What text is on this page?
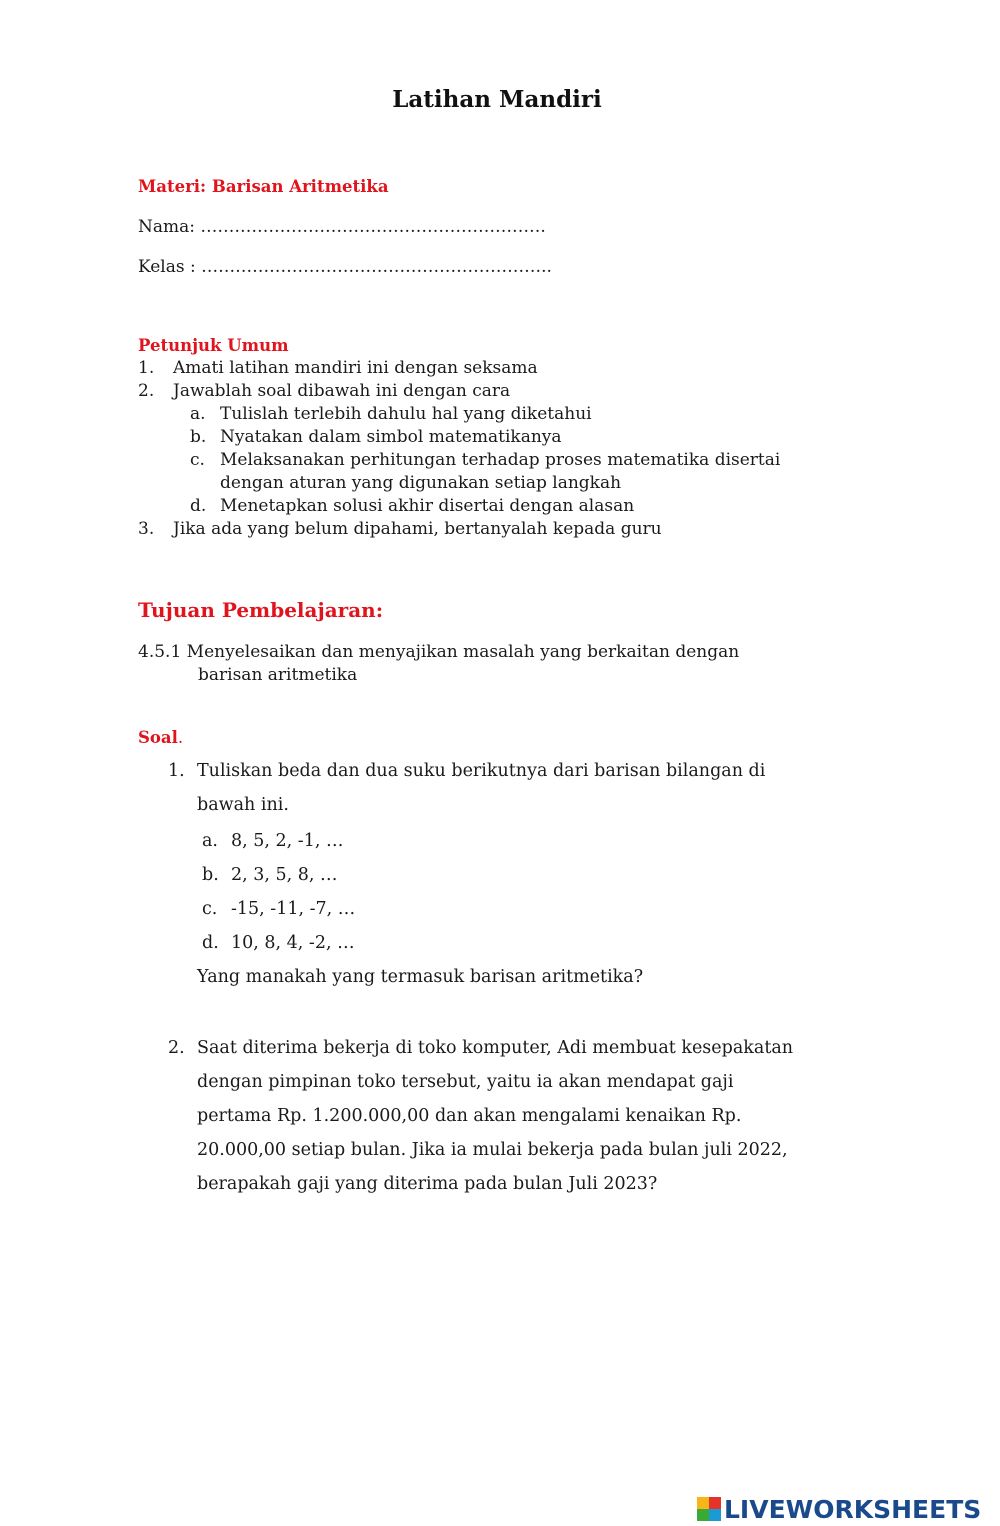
Latihan Mandiri
Materi: Barisan Aritmetika
Nama: …………………………………………………….
Kelas : ……………………………………………………..
Petunjuk Umum
1. Amati latihan mandiri ini dengan seksama
2. Jawablah soal dibawah ini dengan cara
a. Tulislah terlebih dahulu hal yang diketahui
b. Nyatakan dalam simbol matematikanya
c. Melaksanakan perhitungan terhadap proses matematika disertai
dengan aturan yang digunakan setiap langkah
d. Menetapkan solusi akhir disertai dengan alasan
3. Jika ada yang belum dipahami, bertanyalah kepada guru
Tujuan Pembelajaran:
4.5.1 Menyelesaikan dan menyajikan masalah yang berkaitan dengan
barisan aritmetika
Soal.
1. Tuliskan beda dan dua suku berikutnya dari barisan bilangan di
bawah ini.
a. 8, 5, 2, -1, …
b. 2, 3, 5, 8, …
c. -15, -11, -7, …
d. 10, 8, 4, -2, …
Yang manakah yang termasuk barisan aritmetika?
2. Saat diterima bekerja di toko komputer, Adi membuat kesepakatan
dengan pimpinan toko tersebut, yaitu ia akan mendapat gaji
pertama Rp. 1.200.000,00 dan akan mengalami kenaikan Rp.
20.000,00 setiap bulan. Jika ia mulai bekerja pada bulan juli 2022,
berapakah gaji yang diterima pada bulan Juli 2023?
LIVEWORKSHEETS
